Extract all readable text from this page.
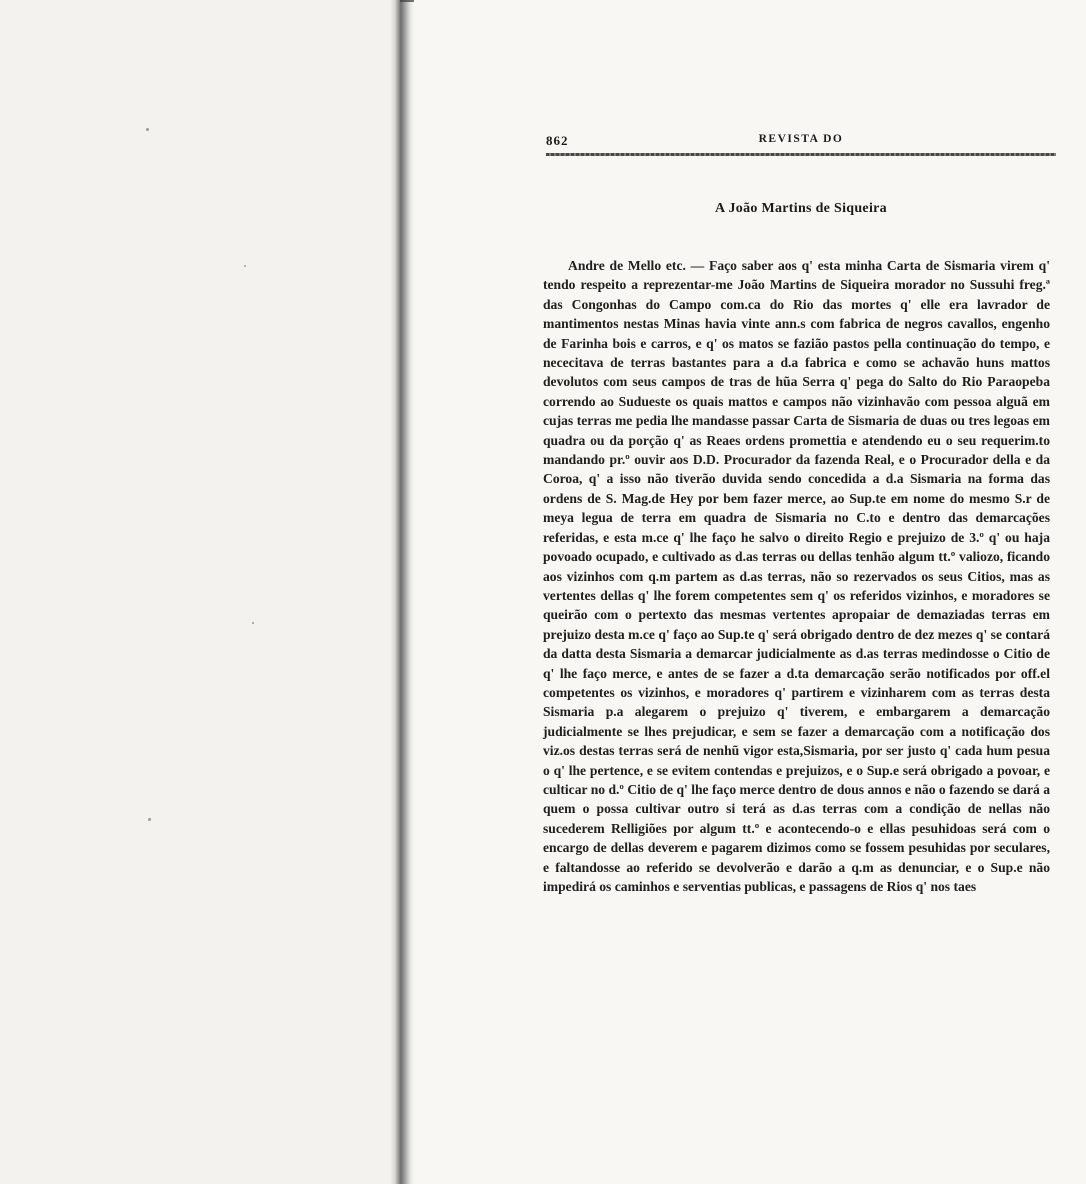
862	REVISTA DO
A João Martins de Siqueira

Andre de Mello etc. — Faço saber aos q' esta minha Carta de Sismaria virem q' tendo respeito a reprezentar-me João Martins de Siqueira morador no Sussuhi freg.ª das Congonhas do Campo com.ca do Rio das mortes q' elle era lavrador de mantimentos nestas Minas havia vinte ann.s com fabrica de negros cavallos, engenho de Farinha bois e carros, e q' os matos se fazião pastos pella continuação do tempo, e nececitava de terras bastantes para a d.a fabrica e como se achavão huns mattos devolutos com seus campos de tras de hũa Serra q' pega do Salto do Rio Paraopeba correndo ao Sudueste os quais mattos e campos não vizinhavão com pessoa alguã em cujas terras me pedia lhe mandasse passar Carta de Sismaria de duas ou tres legoas em quadra ou da porção q' as Reaes ordens promettia e atendendo eu o seu requerim.to mandando pr.º ouvir aos D.D. Procurador da fazenda Real, e o Procurador della e da Coroa, q' a isso não tiverão duvida sendo concedida a d.a Sismaria na forma das ordens de S. Mag.de Hey por bem fazer merce, ao Sup.te em nome do mesmo S.r de meya legua de terra em quadra de Sismaria no C.to e dentro das demarcações referidas, e esta m.ce q' lhe faço he salvo o direito Regio e prejuizo de 3.º q' ou haja povoado ocupado, e cultivado as d.as terras ou dellas tenhão algum tt.º valiozo, ficando aos vizinhos com q.m partem as d.as terras, não so rezervados os seus Citios, mas as vertentes dellas q' lhe forem competentes sem q' os referidos vizinhos, e moradores se queirão com o pertexto das mesmas vertentes apropaiar de demaziadas terras em prejuizo desta m.ce q' faço ao Sup.te q' será obrigado dentro de dez mezes q' se contará da datta desta Sismaria a demarcar judicialmente as d.as terras medindosse o Citio de q' lhe faço merce, e antes de se fazer a d.ta demarcação serão notificados por off.el competentes os vizinhos, e moradores q' partirem e vizinharem com as terras desta Sismaria p.a alegarem o prejuizo q' tiverem, e embargarem a demarcação judicialmente se lhes prejudicar, e sem se fazer a demarcação com a notificação dos viz.os destas terras será de nenhũ vigor esta,Sismaria, por ser justo q' cada hum pesua o q' lhe pertence, e se evitem contendas e prejuizos, e o Sup.e será obrigado a povoar, e culticar no d.º Citio de q' lhe faço merce dentro de dous annos e não o fazendo se dará a quem o possa cultivar outro si terá as d.as terras com a condição de nellas não sucederem Relligiões por algum tt.º e acontecendo-o e ellas pesuhidoas será com o encargo de dellas deverem e pagarem dizimos como se fossem pesuhidas por seculares, e faltandosse ao referido se devolverão e darão a q.m as denunciar, e o Sup.e não impedirá os caminhos e serventias publicas, e passagens de Rios q' nos taes
